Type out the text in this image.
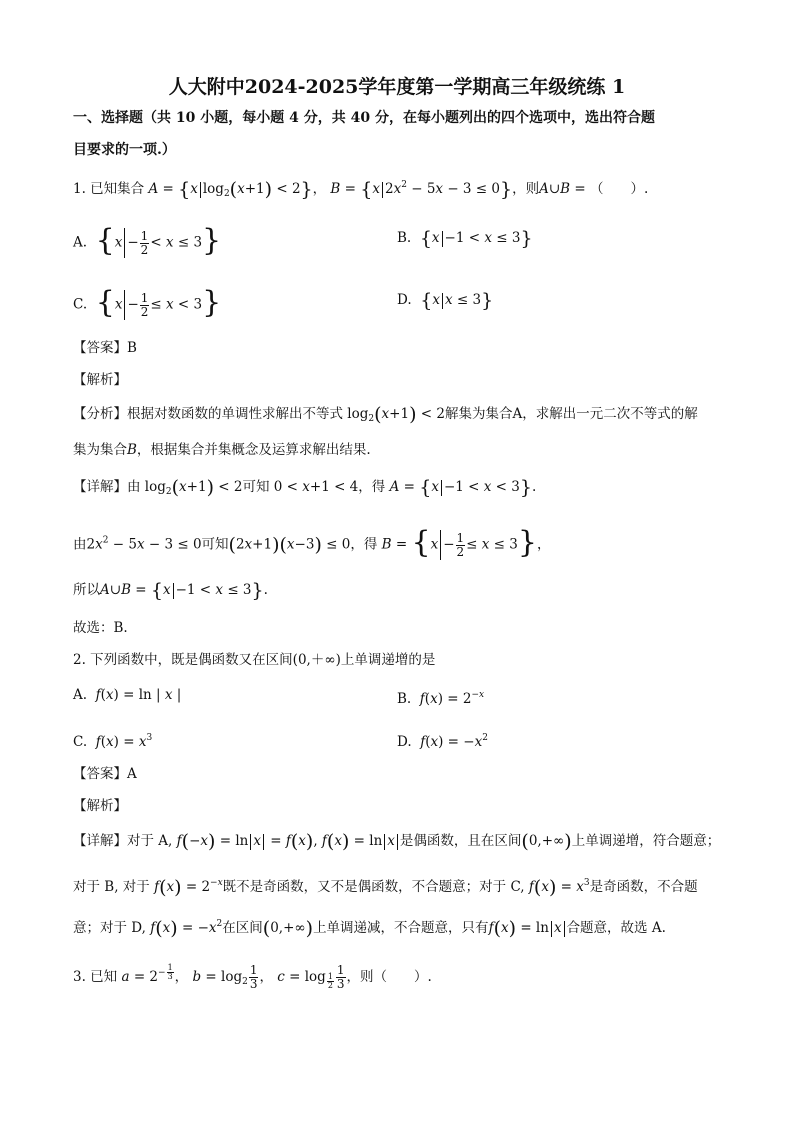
人大附中2024-2025学年度第一学期高三年级统练 1
一、选择题（共 10 小题，每小题 4 分，共 40 分，在每小题列出的四个选项中，选出符合题
目要求的一项.）
1. 已知集合 A = {x $\log_2(x+1) < 2$}， B = {x $2x^2 - 5x - 3 \le 0$}，则A∪B = （　　）.
A. $\{x - \frac{1}{2} < x \le 3\}$	B. {x −1 < x ≤ 3}
C. $\{x - \frac{1}{2} \le x < 3\}$	D. {x x ≤ 3}
【答案】B
【解析】
【分析】根据对数函数的单调性求解出不等式 $\log_2(x+1) < 2$解集为集合A，求解出一元二次不等式的解
集为集合B，根据集合并集概念及运算求解出结果.
【详解】由 $\log_2(x+1) < 2$可知 0 < x+1 < 4，得 A = {x −1 < x < 3}.
由$2x^2 - 5x - 3 \le 0$可知(2x+1)(x−3) ≤ 0，得 $B = \{x - \frac{1}{2} \le x \le 3\}$，
所以A∪B = {x −1 < x ≤ 3}.
故选：B.
2. 下列函数中，既是偶函数又在区间(0,＋∞)上单调递增的是
A.  f(x) = ln | x |	B.  $f(x) = 2^{-x}$
C.  $f(x) = x^3$	D.  $f(x) = -x^2$
【答案】A
【解析】
【详解】对于 A, f(−x) = ln x = f(x), f(x) = ln x 是偶函数，且在区间(0,+∞)上单调递增，符合题意；
对于 B, 对于 $f(x) = 2^{-x}$既不是奇函数，又不是偶函数，不合题意；对于 C, $f(x) = x^3$是奇函数，不合题
意；对于 D, $f(x) = -x^2$在区间(0,+∞)上单调递减，不合题意，只有f(x) = ln x 合题意，故选 A.
3. 已知 $a = 2^{- \frac{1}{3}}$ ， $b = \log_2 \frac{1}{3}$ ， $c = \log _{\frac{1}{2}} \frac{1}{3}$ ，则（　　）.
